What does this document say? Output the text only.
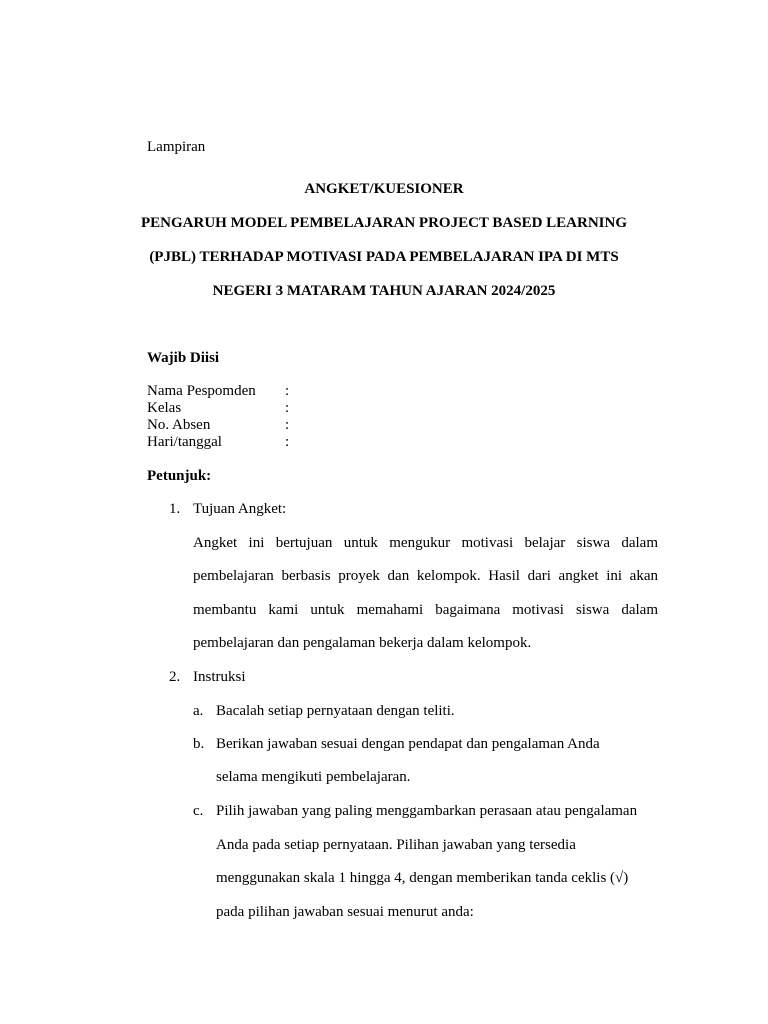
Lampiran
ANGKET/KUESIONER
PENGARUH MODEL PEMBELAJARAN PROJECT BASED LEARNING
(PJBL) TERHADAP MOTIVASI PADA PEMBELAJARAN IPA DI MTS
NEGERI 3 MATARAM TAHUN AJARAN 2024/2025
Wajib Diisi
Nama Pespomden :
Kelas	:
No. Absen	:
Hari/tanggal	:
Petunjuk:
1. Tujuan Angket:
Angket ini bertujuan untuk mengukur motivasi belajar siswa dalam
pembelajaran berbasis proyek dan kelompok. Hasil dari angket ini akan
membantu kami untuk memahami bagaimana motivasi siswa dalam
pembelajaran dan pengalaman bekerja dalam kelompok.
2. Instruksi
a. Bacalah setiap pernyataan dengan teliti.
b. Berikan jawaban sesuai dengan pendapat dan pengalaman Anda
selama mengikuti pembelajaran.
c. Pilih jawaban yang paling menggambarkan perasaan atau pengalaman
Anda pada setiap pernyataan. Pilihan jawaban yang tersedia
menggunakan skala 1 hingga 4, dengan memberikan tanda ceklis (√)
pada pilihan jawaban sesuai menurut anda:
